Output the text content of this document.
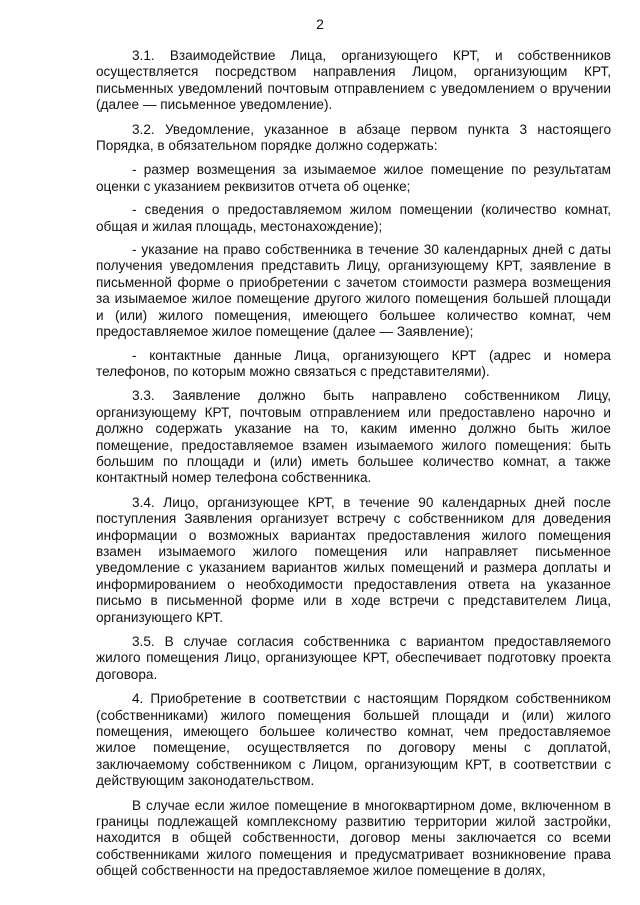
2

3.1. Взаимодействие Лица, организующего КРТ, и собственников осуществляется посредством направления Лицом, организующим КРТ, письменных уведомлений почтовым отправлением с уведомлением о вручении (далее — письменное уведомление).

3.2. Уведомление, указанное в абзаце первом пункта 3 настоящего Порядка, в обязательном порядке должно содержать:

- размер возмещения за изымаемое жилое помещение по результатам оценки с указанием реквизитов отчета об оценке;

- сведения о предоставляемом жилом помещении (количество комнат, общая и жилая площадь, местонахождение);

- указание на право собственника в течение 30 календарных дней с даты получения уведомления представить Лицу, организующему КРТ, заявление в письменной форме о приобретении с зачетом стоимости размера возмещения за изымаемое жилое помещение другого жилого помещения большей площади и (или) жилого помещения, имеющего большее количество комнат, чем предоставляемое жилое помещение (далее — Заявление);

- контактные данные Лица, организующего КРТ (адрес и номера телефонов, по которым можно связаться с представителями).

3.3. Заявление должно быть направлено собственником Лицу, организующему КРТ, почтовым отправлением или предоставлено нарочно и должно содержать указание на то, каким именно должно быть жилое помещение, предоставляемое взамен изымаемого жилого помещения: быть большим по площади и (или) иметь большее количество комнат, а также контактный номер телефона собственника.

3.4. Лицо, организующее КРТ, в течение 90 календарных дней после поступления Заявления организует встречу с собственником для доведения информации о возможных вариантах предоставления жилого помещения взамен изымаемого жилого помещения или направляет письменное уведомление с указанием вариантов жилых помещений и размера доплаты и информированием о необходимости предоставления ответа на указанное письмо в письменной форме или в ходе встречи с представителем Лица, организующего КРТ.

3.5. В случае согласия собственника с вариантом предоставляемого жилого помещения Лицо, организующее КРТ, обеспечивает подготовку проекта договора.

4. Приобретение в соответствии с настоящим Порядком собственником (собственниками) жилого помещения большей площади и (или) жилого помещения, имеющего большее количество комнат, чем предоставляемое жилое помещение, осуществляется по договору мены с доплатой, заключаемому собственником с Лицом, организующим КРТ, в соответствии с действующим законодательством.

В случае если жилое помещение в многоквартирном доме, включенном в границы подлежащей комплексному развитию территории жилой застройки, находится в общей собственности, договор мены заключается со всеми собственниками жилого помещения и предусматривает возникновение права общей собственности на предоставляемое жилое помещение в долях,
